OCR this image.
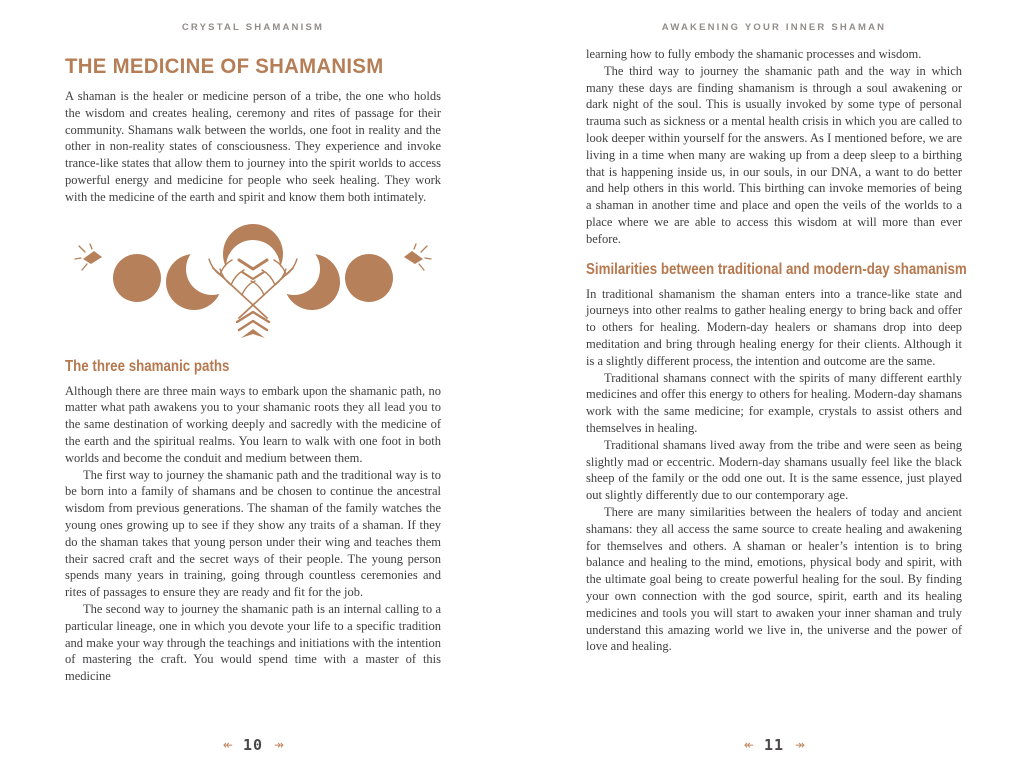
CRYSTAL SHAMANISM
THE MEDICINE OF SHAMANISM

A shaman is the healer or medicine person of a tribe, the one who holds the wisdom and creates healing, ceremony and rites of passage for their community. Shamans walk between the worlds, one foot in reality and the other in non-reality states of consciousness. They experience and invoke trance-like states that allow them to journey into the spirit worlds to access powerful energy and medicine for people who seek healing. They work with the medicine of the earth and spirit and know them both intimately.

The three shamanic paths

Although there are three main ways to embark upon the shamanic path, no matter what path awakens you to your shamanic roots they all lead you to the same destination of working deeply and sacredly with the medicine of the earth and the spiritual realms. You learn to walk with one foot in both worlds and become the conduit and medium between them.

The first way to journey the shamanic path and the traditional way is to be born into a family of shamans and be chosen to continue the ancestral wisdom from previous generations. The shaman of the family watches the young ones growing up to see if they show any traits of a shaman. If they do the shaman takes that young person under their wing and teaches them their sacred craft and the secret ways of their people. The young person spends many years in training, going through countless ceremonies and rites of passages to ensure they are ready and fit for the job.

The second way to journey the shamanic path is an internal calling to a particular lineage, one in which you devote your life to a specific tradition and make your way through the teachings and initiations with the intention of mastering the craft. You would spend time with a master of this medicine

AWAKENING YOUR INNER SHAMAN

learning how to fully embody the shamanic processes and wisdom.

The third way to journey the shamanic path and the way in which many these days are finding shamanism is through a soul awakening or dark night of the soul. This is usually invoked by some type of personal trauma such as sickness or a mental health crisis in which you are called to look deeper within yourself for the answers. As I mentioned before, we are living in a time when many are waking up from a deep sleep to a birthing that is happening inside us, in our souls, in our DNA, a want to do better and help others in this world. This birthing can invoke memories of being a shaman in another time and place and open the veils of the worlds to a place where we are able to access this wisdom at will more than ever before.

Similarities between traditional and modern-day shamanism

In traditional shamanism the shaman enters into a trance-like state and journeys into other realms to gather healing energy to bring back and offer to others for healing. Modern-day healers or shamans drop into deep meditation and bring through healing energy for their clients. Although it is a slightly different process, the intention and outcome are the same.

Traditional shamans connect with the spirits of many different earthly medicines and offer this energy to others for healing. Modern-day shamans work with the same medicine; for example, crystals to assist others and themselves in healing.

Traditional shamans lived away from the tribe and were seen as being slightly mad or eccentric. Modern-day shamans usually feel like the black sheep of the family or the odd one out. It is the same essence, just played out slightly differently due to our contemporary age.

There are many similarities between the healers of today and ancient shamans: they all access the same source to create healing and awakening for themselves and others. A shaman or healer’s intention is to bring balance and healing to the mind, emotions, physical body and spirit, with the ultimate goal being to create powerful healing for the soul. By finding your own connection with the god source, spirit, earth and its healing medicines and tools you will start to awaken your inner shaman and truly understand this amazing world we live in, the universe and the power of love and healing.

↞ 10 ↠	↞ 11 ↠
